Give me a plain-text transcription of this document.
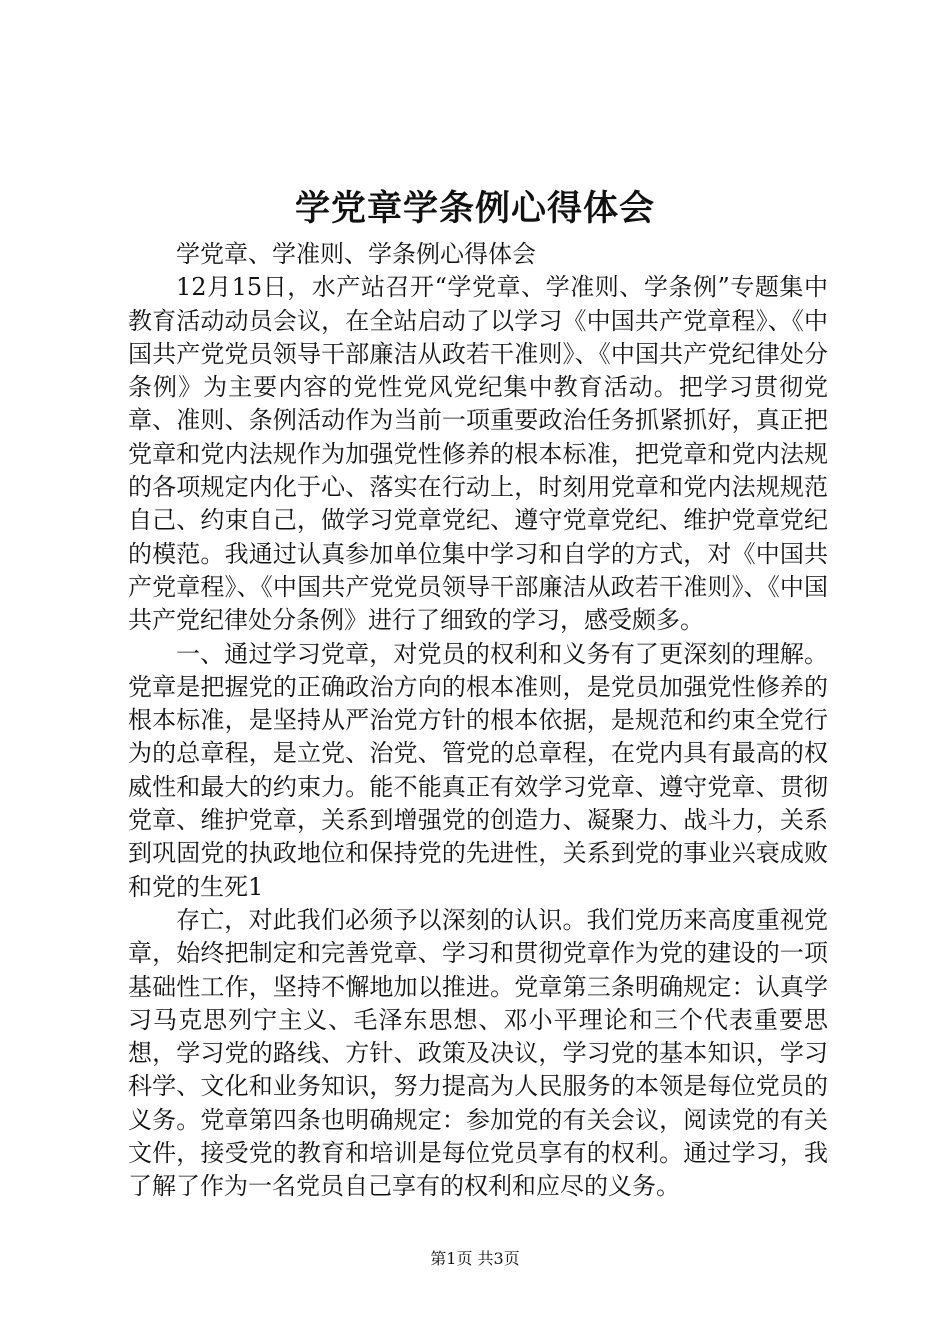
学党章学条例心得体会

学党章、学准则、学条例心得体会

12月15日，水产站召开“学党章、学准则、学条例”专题集中教育活动动员会议，在全站启动了以学习《中国共产党章程》、《中国共产党党员领导干部廉洁从政若干准则》、《中国共产党纪律处分条例》为主要内容的党性党风党纪集中教育活动。把学习贯彻党章、准则、条例活动作为当前一项重要政治任务抓紧抓好，真正把党章和党内法规作为加强党性修养的根本标准，把党章和党内法规的各项规定内化于心、落实在行动上，时刻用党章和党内法规规范自己、约束自己，做学习党章党纪、遵守党章党纪、维护党章党纪的模范。我通过认真参加单位集中学习和自学的方式，对《中国共产党章程》、《中国共产党党员领导干部廉洁从政若干准则》、《中国共产党纪律处分条例》进行了细致的学习，感受颇多。

一、通过学习党章，对党员的权利和义务有了更深刻的理解。党章是把握党的正确政治方向的根本准则，是党员加强党性修养的根本标准，是坚持从严治党方针的根本依据，是规范和约束全党行为的总章程，是立党、治党、管党的总章程，在党内具有最高的权威性和最大的约束力。能不能真正有效学习党章、遵守党章、贯彻党章、维护党章，关系到增强党的创造力、凝聚力、战斗力，关系到巩固党的执政地位和保持党的先进性，关系到党的事业兴衰成败和党的生死1

存亡，对此我们必须予以深刻的认识。我们党历来高度重视党章，始终把制定和完善党章、学习和贯彻党章作为党的建设的一项基础性工作，坚持不懈地加以推进。党章第三条明确规定：认真学习马克思列宁主义、毛泽东思想、邓小平理论和三个代表重要思想，学习党的路线、方针、政策及决议，学习党的基本知识，学习科学、文化和业务知识，努力提高为人民服务的本领是每位党员的义务。党章第四条也明确规定：参加党的有关会议，阅读党的有关文件，接受党的教育和培训是每位党员享有的权利。通过学习，我了解了作为一名党员自己享有的权利和应尽的义务。

第1页 共3页
